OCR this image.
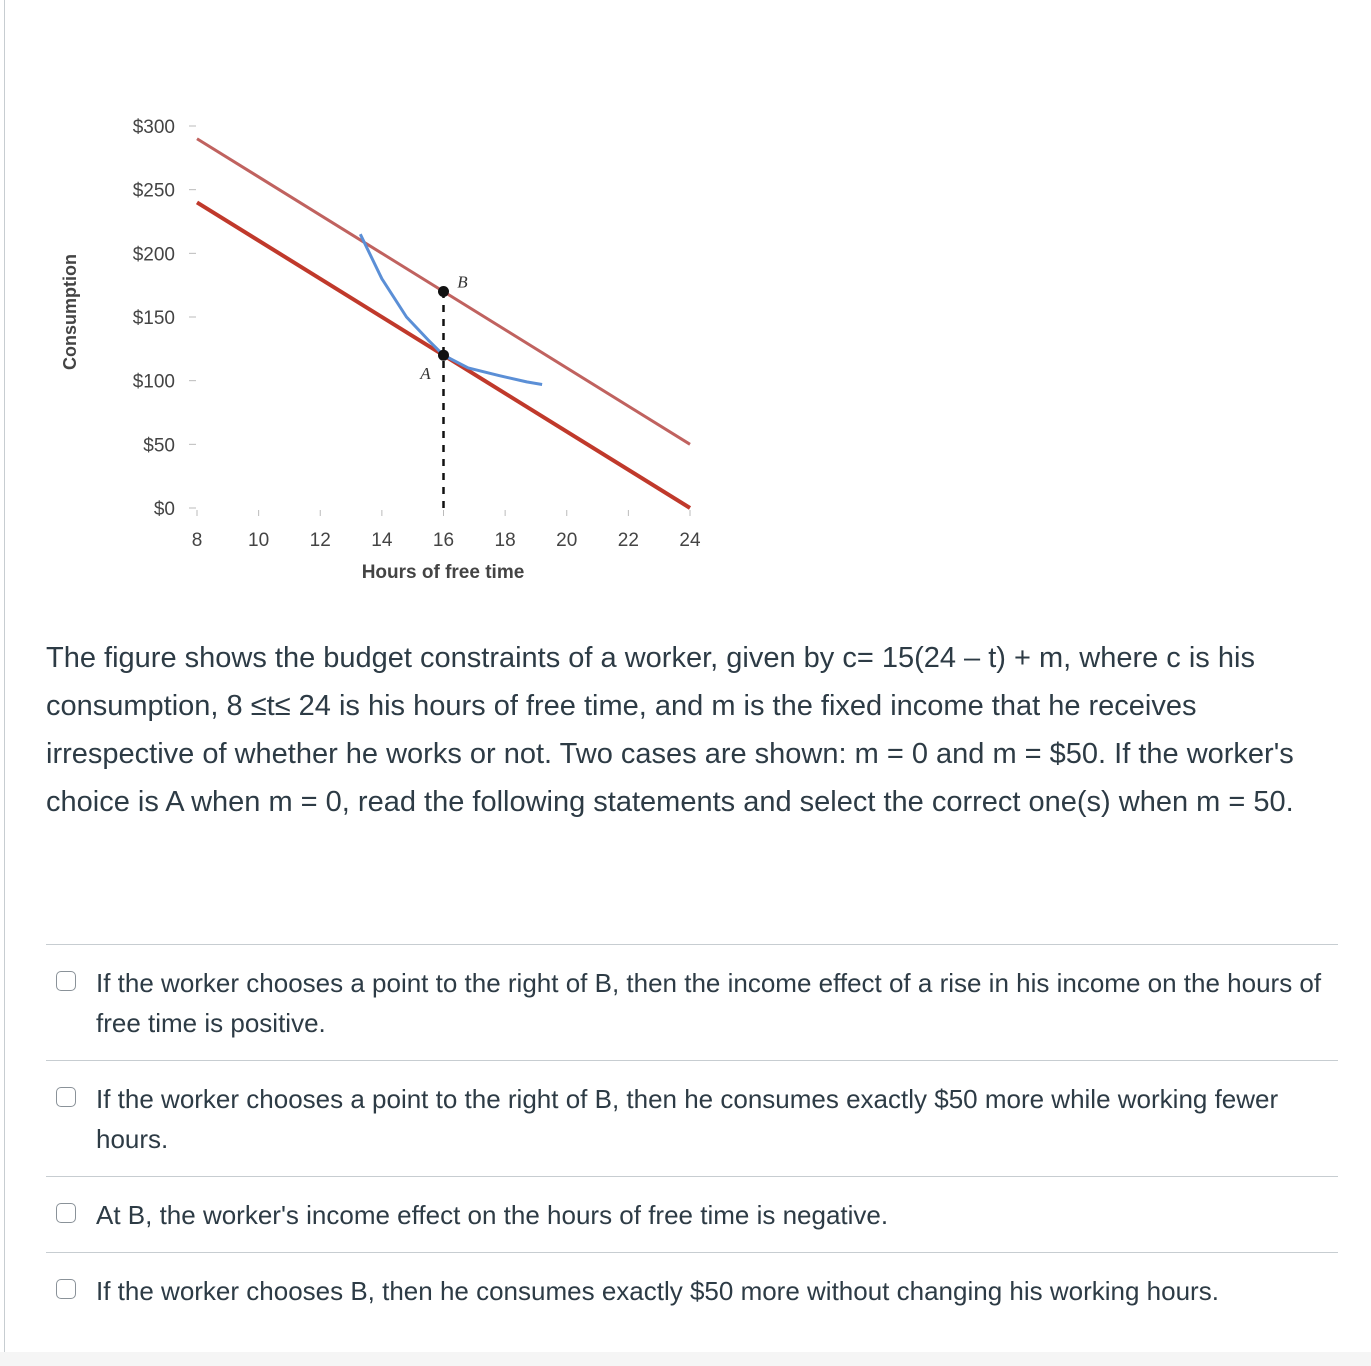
$300
$250
$200
$150
$100
$50
$0
8 10 12 14 16 18 20 22 24
Hours of free time
Consumption	B
A

The figure shows the budget constraints of a worker, given by c= 15(24 – t) + m, where c is his consumption, 8 ≤t≤ 24 is his hours of free time, and m is the fixed income that he receives irrespective of whether he works or not. Two cases are shown: m = 0 and m = $50. If the worker's choice is A when m = 0, read the following statements and select the correct one(s) when m = 50.

If the worker chooses a point to the right of B, then the income effect of a rise in his income on the hours of free time is positive.
If the worker chooses a point to the right of B, then he consumes exactly $50 more while working fewer hours.
At B, the worker's income effect on the hours of free time is negative.
If the worker chooses B, then he consumes exactly $50 more without changing his working hours.
